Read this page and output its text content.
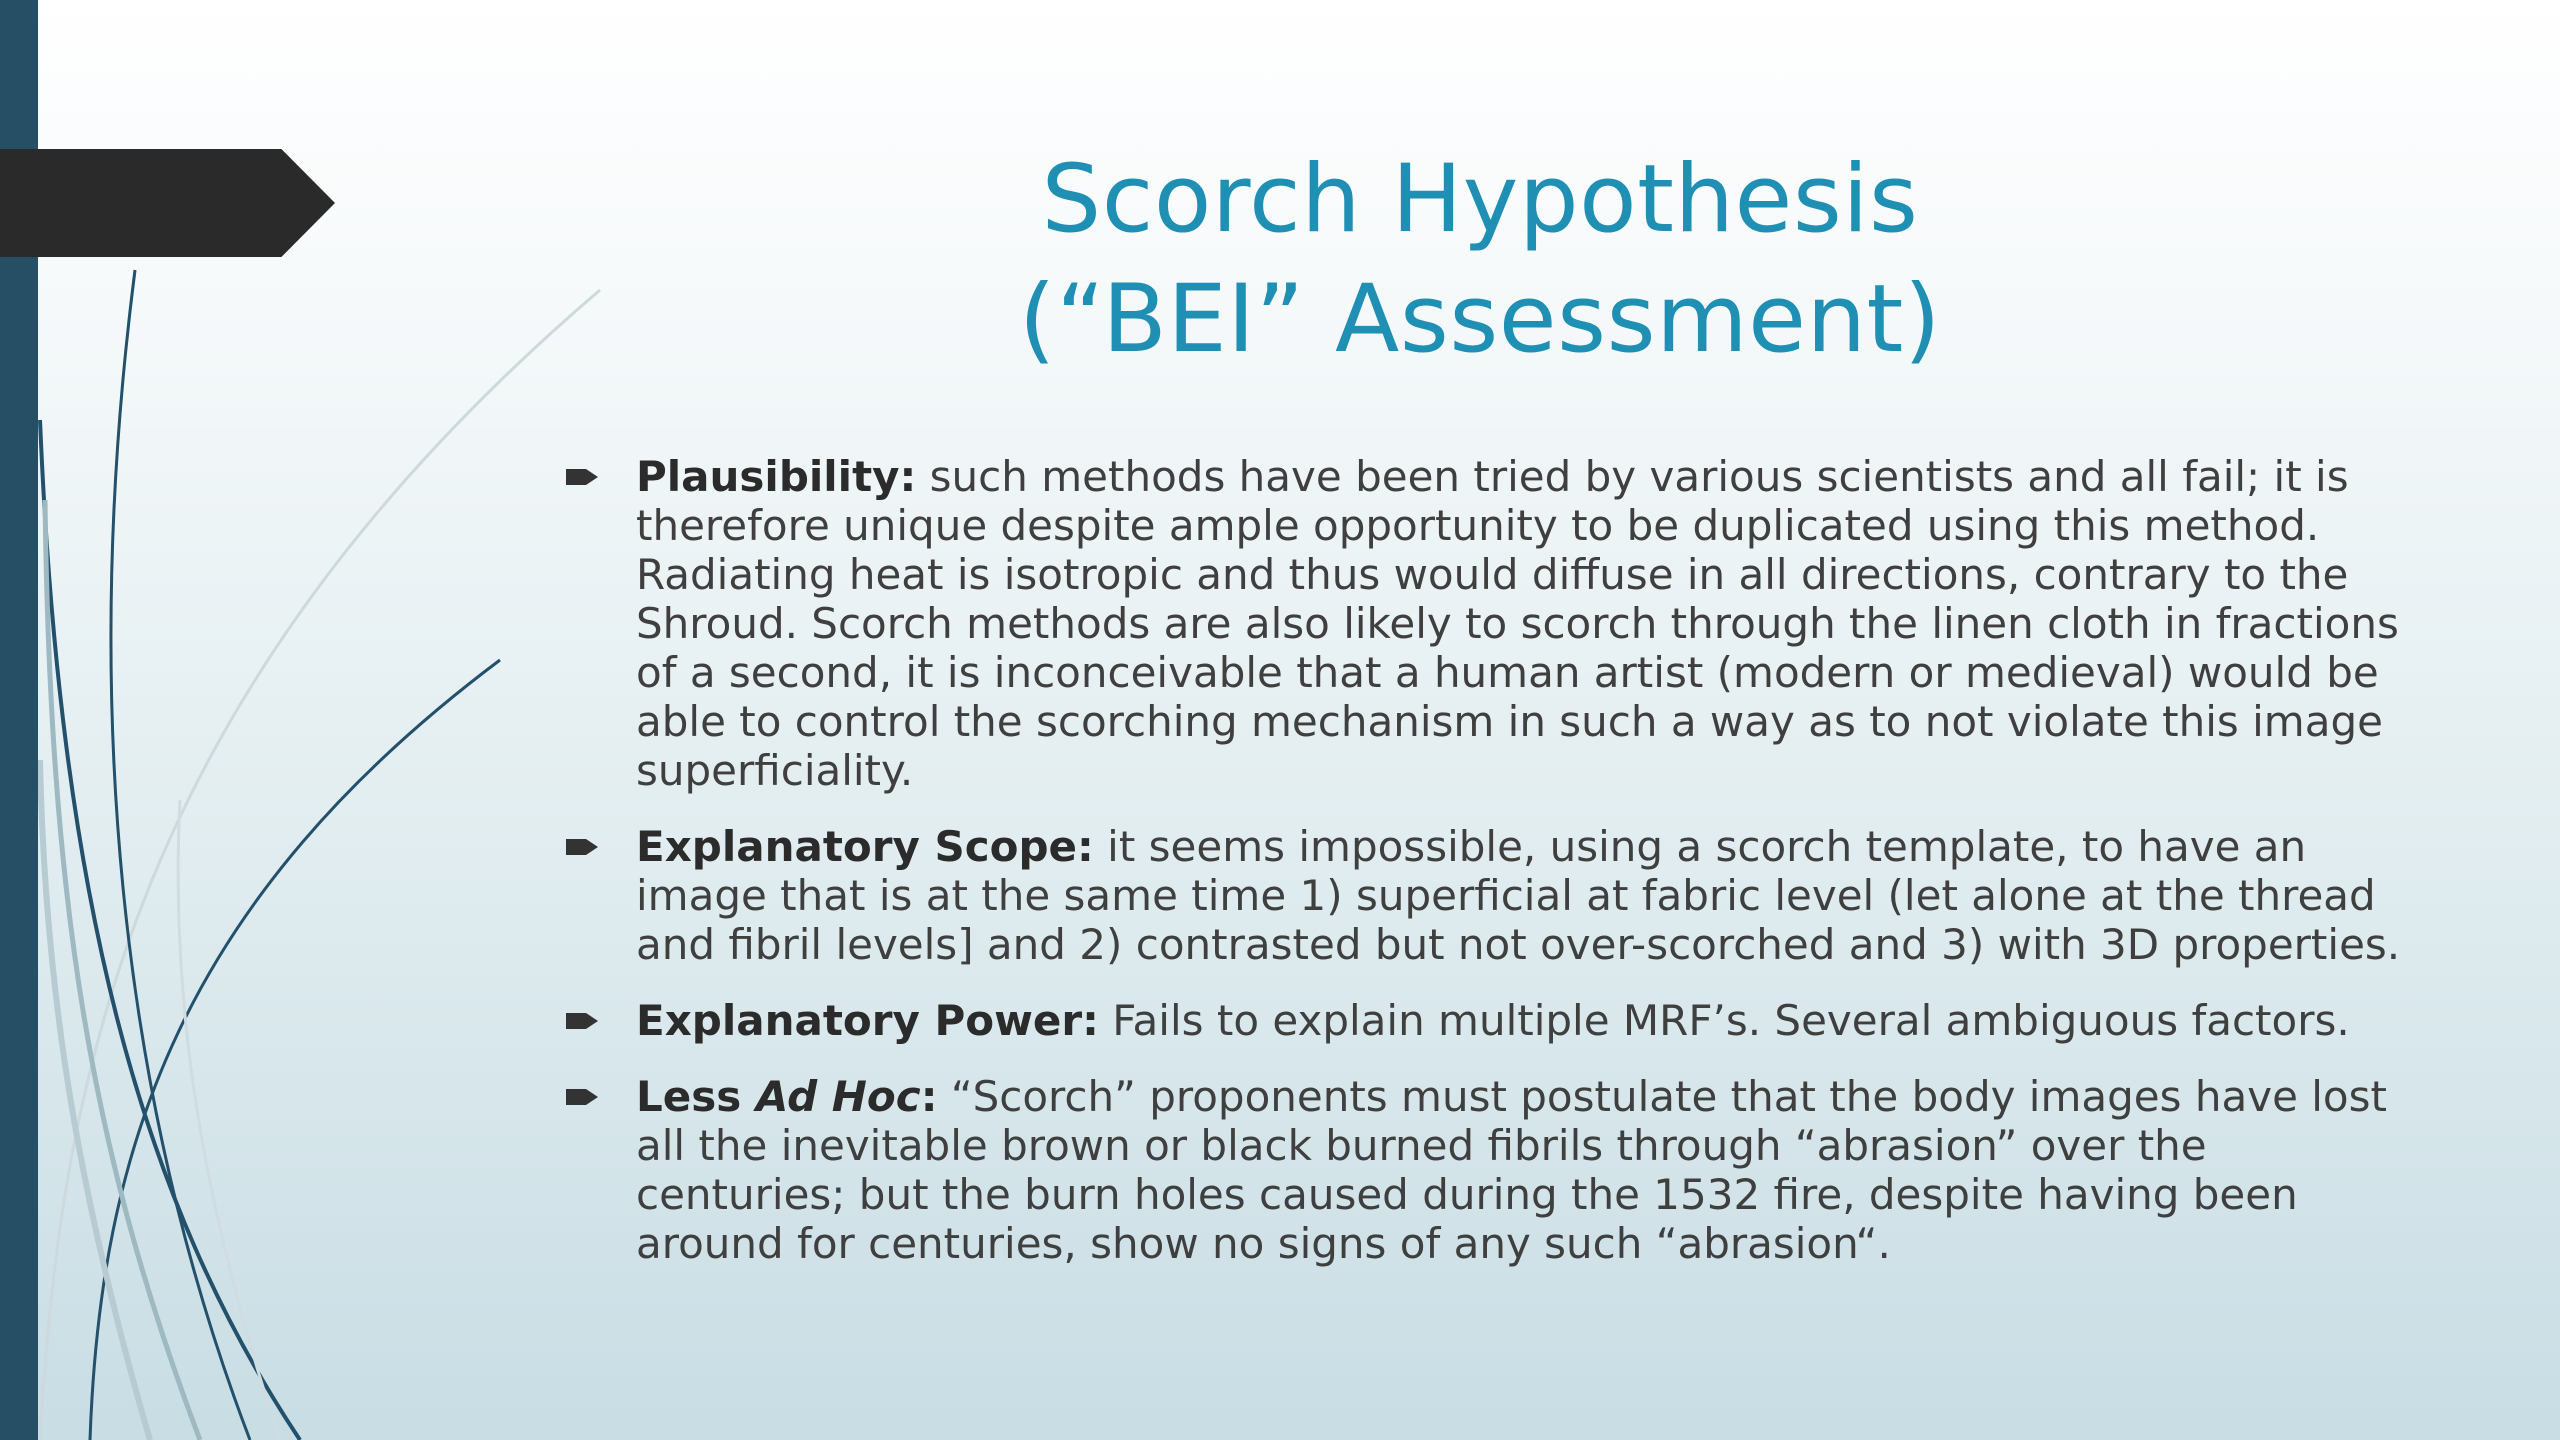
Scorch Hypothesis
(“BEI” Assessment)
Plausibility: such methods have been tried by various scientists and all fail; it is therefore unique despite ample opportunity to be duplicated using this method. Radiating heat is isotropic and thus would diffuse in all directions, contrary to the Shroud. Scorch methods are also likely to scorch through the linen cloth in fractions of a second, it is inconceivable that a human artist (modern or medieval) would be able to control the scorching mechanism in such a way as to not violate this image superficiality.
Explanatory Scope: it seems impossible, using a scorch template, to have an image that is at the same time 1) superficial at fabric level (let alone at the thread and fibril levels] and 2) contrasted but not over-scorched and 3) with 3D properties.
Explanatory Power: Fails to explain multiple MRF’s. Several ambiguous factors.
Less Ad Hoc: “Scorch” proponents must postulate that the body images have lost all the inevitable brown or black burned fibrils through “abrasion” over the centuries; but the burn holes caused during the 1532 fire, despite having been around for centuries, show no signs of any such “abrasion“.
